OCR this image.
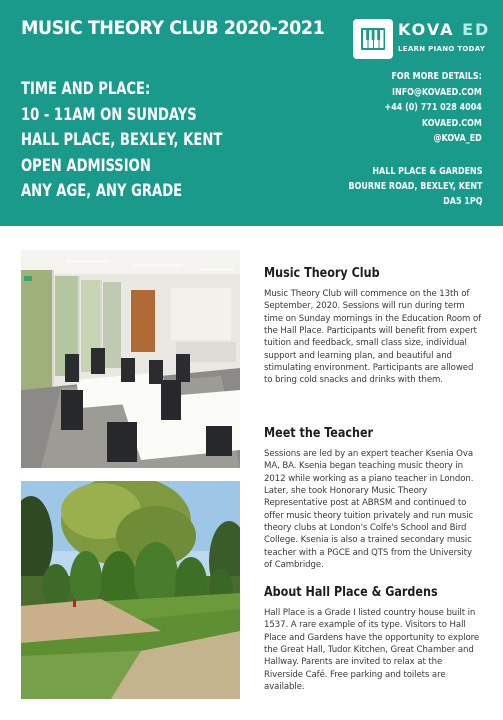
MUSIC THEORY CLUB 2020-2021	KOVA ED
LEARN PIANO TODAY
TIME AND PLACE:
10 - 11AM ON SUNDAYS
HALL PLACE, BEXLEY, KENT
OPEN ADMISSION
ANY AGE, ANY GRADE
FOR MORE DETAILS:
INFO@KOVAED.COM
+44 (0) 771 028 4004
KOVAED.COM
@KOVA_ED
HALL PLACE & GARDENS
BOURNE ROAD, BEXLEY, KENT
DA5 1PQ
Music Theory Club

Music Theory Club will commence on the 13th of September, 2020. Sessions will run during term time on Sunday mornings in the Education Room of the Hall Place. Participants will benefit from expert tuition and feedback, small class size, individual support and learning plan, and beautiful and stimulating environment. Participants are allowed to bring cold snacks and drinks with them.

Meet the Teacher

Sessions are led by an expert teacher Ksenia Ova MA, BA. Ksenia began teaching music theory in 2012 while working as a piano teacher in London. Later, she took Honorary Music Theory Representative post at ABRSM and continued to offer music theory tuition privately and run music theory clubs at London's Colfe's School and Bird College. Ksenia is also a trained secondary music teacher with a PGCE and QTS from the University of Cambridge.

About Hall Place & Gardens

Hall Place is a Grade I listed country house built in 1537. A rare example of its type. Visitors to Hall Place and Gardens have the opportunity to explore the Great Hall, Tudor Kitchen, Great Chamber and Hallway. Parents are invited to relax at the Riverside Café. Free parking and toilets are available.
